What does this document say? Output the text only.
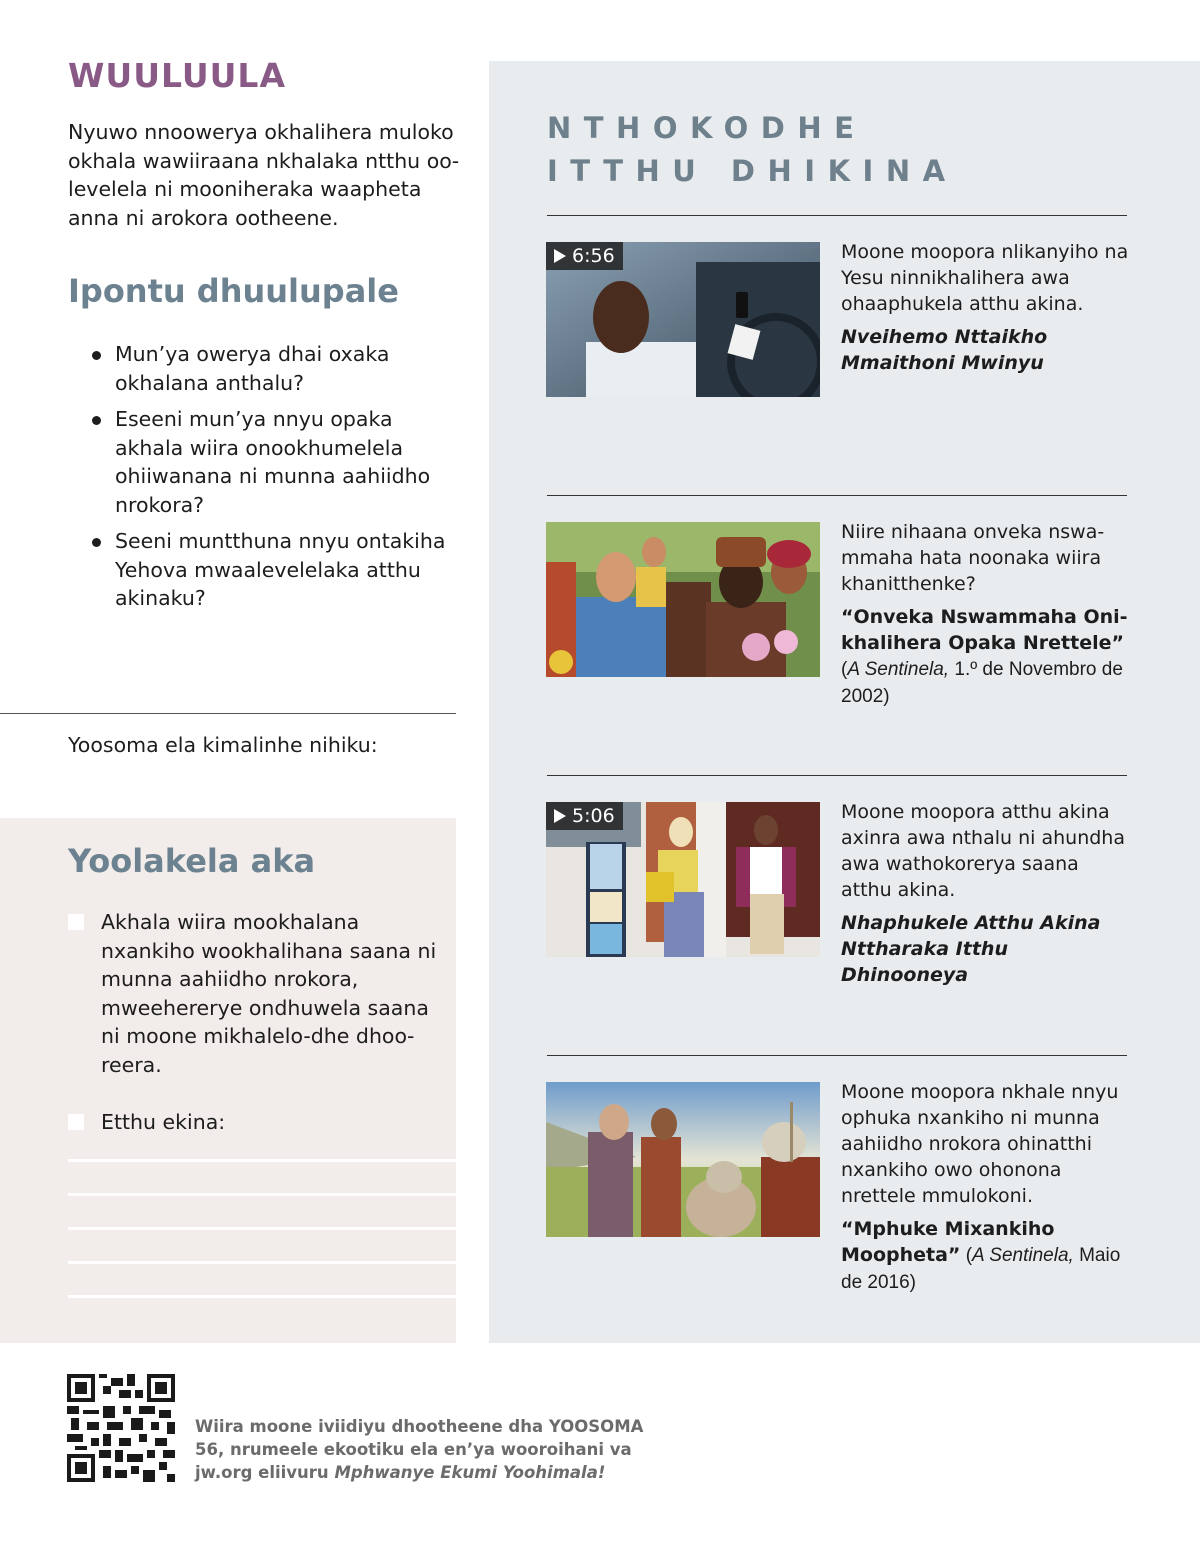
WUULUULA

Nyuwo nnoowerya okhalihera muloko okhala wawiiraana nkhalaka ntthu oolevelela ni mooniheraka waapheta anna ni arokora ootheene.

Ipontu dhuulupale
Mun’ya owerya dhai oxaka okhalana anthalu?
Eseeni mun’ya nnyu opaka akhala wiira onookhumelela ohiiwanana ni munna aahiidho nrokora?
Seeni muntthuna nnyu ontakiha Yehova mwaalevelelaka atthu akinaku?
Yoosoma ela kimalinhe nihiku:
Yoolakela aka
Akhala wiira mookhalana nxankiho wookhalihana saana ni munna aahiidho nrokora, mweehererye ondhuwela saana ni moone mikhalelo-dhe dhooreera.
Etthu ekina:
NTHOKODHE
ITTHU DHIKINA
6:56	Moone moopora nlikanyiho na Yesu ninnikhalihera awa ohaaphukela atthu akina.
Nveihemo Nttaikho Mmaithoni Mwinyu
Niire nihaana onveka nswammaha hata noonaka wiira khanitthenke?
“Onveka Nswammaha Onikhalihera Opaka Nrettele”
(A Sentinela, 1.º de Novembro de 2002)
5:06	Moone moopora atthu akina axinra awa nthalu ni ahundha awa wathokorerya saana atthu akina.
Nhaphukele Atthu Akina Nttharaka Itthu Dhinooneya
Moone moopora nkhale nnyu ophuka nxankiho ni munna aahiidho nrokora ohinatthi nxankiho owo ohonona nrettele mmulokoni.
“Mphuke Mixankiho Moopheta” (A Sentinela, Maio de 2016)

Wiira moone iviidiyu dhootheene dha YOOSOMA 56, nrumeele ekootiku ela en’ya wooroihani va jw.org eliivuru Mphwanye Ekumi Yoohimala!
